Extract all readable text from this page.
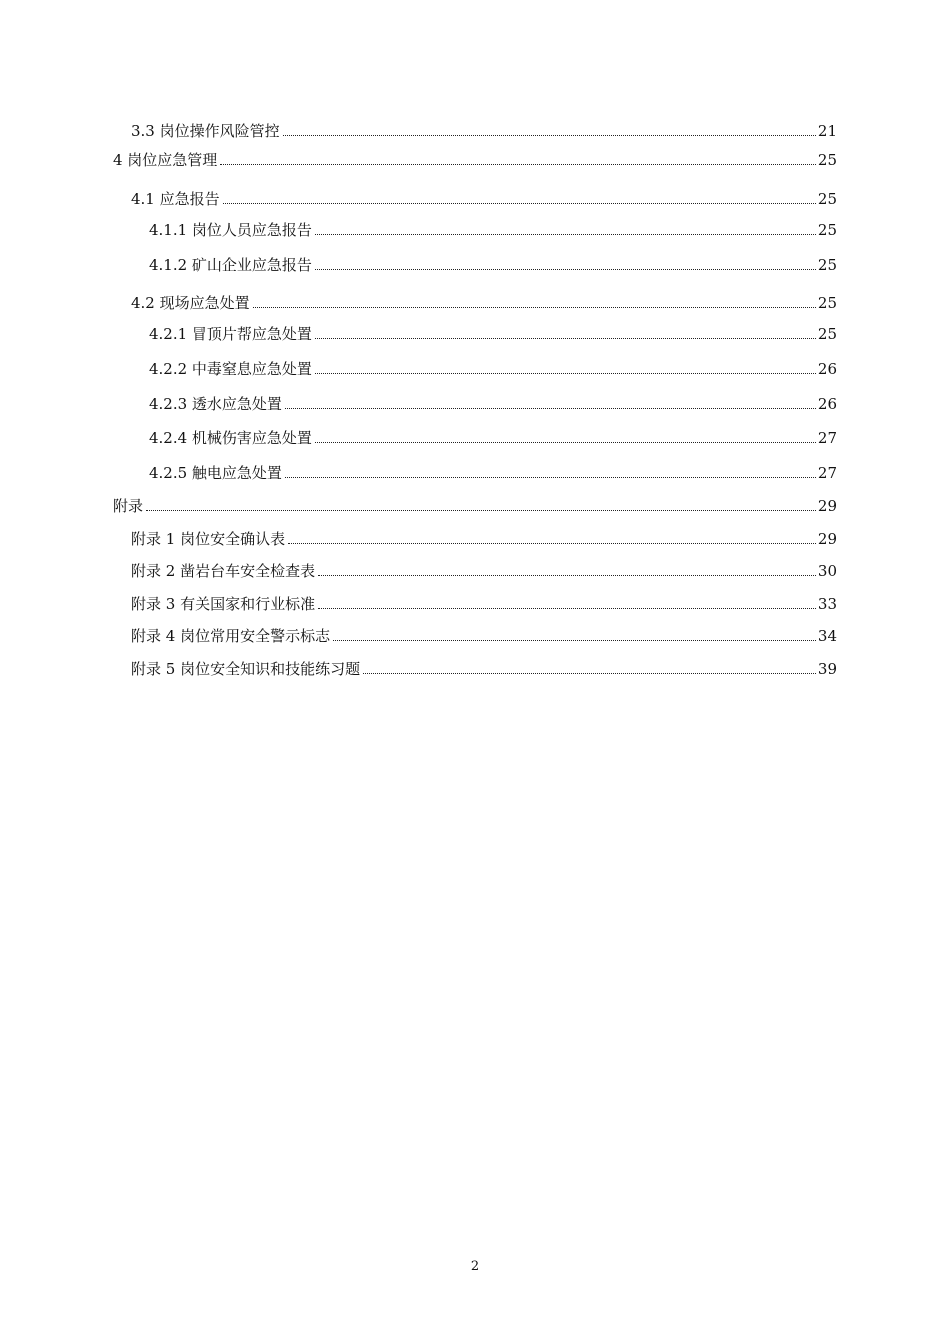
3.3 岗位操作风险管控	21
4 岗位应急管理	25
4.1 应急报告	25
4.1.1 岗位人员应急报告	25
4.1.2 矿山企业应急报告	25
4.2 现场应急处置	25
4.2.1 冒顶片帮应急处置	25
4.2.2 中毒窒息应急处置	26
4.2.3 透水应急处置	26
4.2.4 机械伤害应急处置	27
4.2.5 触电应急处置	27
附录	29
附录 1 岗位安全确认表	29
附录 2 凿岩台车安全检查表	30
附录 3 有关国家和行业标准	33
附录 4 岗位常用安全警示标志	34
附录 5 岗位安全知识和技能练习题	39
2
